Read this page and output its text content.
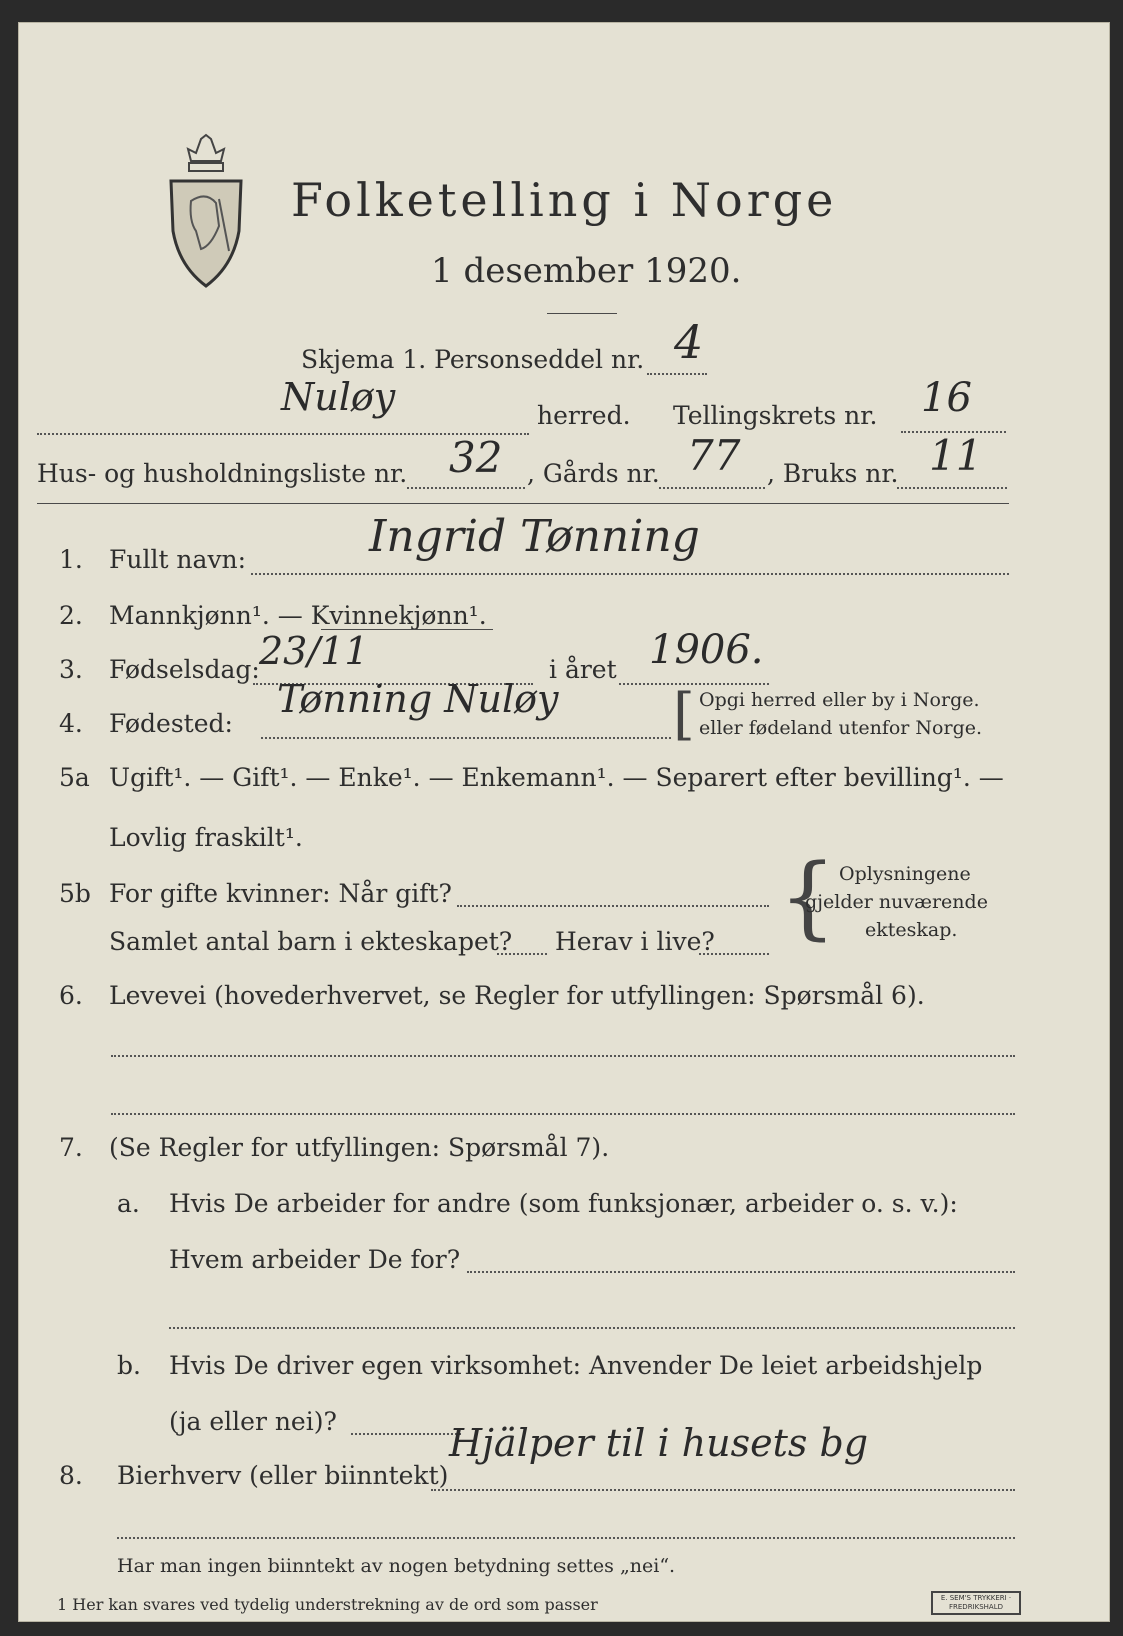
Folketelling i Norge
1 desember 1920.
Skjema 1. Personseddel nr. 4
Nuløy	herred. Tellingskrets nr. 16
Hus- og husholdningsliste nr. 32 , Gårds nr. 77 , Bruks nr. 11
1. Fullt navn:	Ingrid Tønning
2. Mannkjønn¹. — Kvinnekjønn¹.
3. Fødselsdag: 23/11	i året 1906.
4. Fødested:
Tønning Nuløy [ Opgi herred eller by i Norge.
eller fødeland utenfor Norge.
5a Ugift¹. — Gift¹. — Enke¹. — Enkemann¹. — Separert efter bevilling¹. —
Lovlig fraskilt¹.
5b For gifte kvinner: Når gift?
Samlet antal barn i ekteskapet? Herav i live? { Oplysningene
gjelder nuværende
ekteskap.
6. Levevei (hovederhvervet, se Regler for utfyllingen: Spørsmål 6).
7. (Se Regler for utfyllingen: Spørsmål 7).
a. Hvis De arbeider for andre (som funksjonær, arbeider o. s. v.):
Hvem arbeider De for?
b. Hvis De driver egen virksomhet: Anvender De leiet arbeidshjelp
(ja eller nei)?
8. Bierhverv (eller biinntekt)
Hjälper til i husets bg
Har man ingen biinntekt av nogen betydning settes „nei“.
1 Her kan svares ved tydelig understrekning av de ord som passer	E. SEM'S TRYKKERI · FREDRIKSHALD
